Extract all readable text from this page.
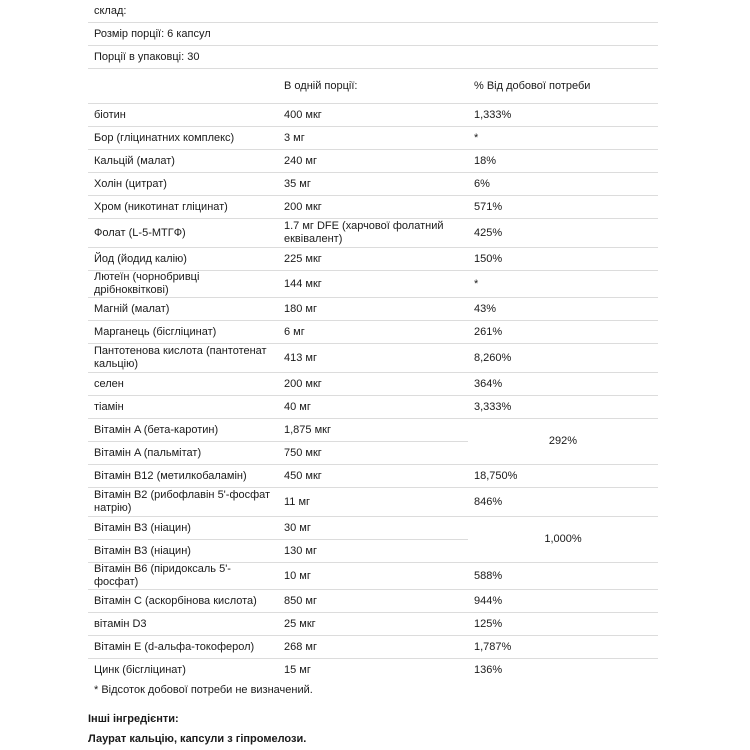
склад:		
Розмір порції: 6 капсул		
Порції в упаковці: 30		
	В одній порції:	% Від добової потреби
біотин	400 мкг	1,333%
Бор (гліцинатних комплекс)	3 мг	*
Кальцій (малат)	240 мг	18%
Холін (цитрат)	35 мг	6%
Хром (никотинат гліцинат)	200 мкг	571%
Фолат (L-5-МТГФ)	1.7 мг DFE (харчової фолатний еквівалент)	425%
Йод (йодид калію)	225 мкг	150%
Лютеїн (чорнобривці дрібноквіткові)	144 мкг	*
Магній (малат)	180 мг	43%
Марганець (бісгліцинат)	6 мг	261%
Пантотенова кислота (пантотенат кальцію)	413 мг	8,260%
селен	200 мкг	364%
тіамін	40 мг	3,333%
Вітамін A (бета-каротин)	1,875 мкг	292%
Вітамін A (пальмітат)	750 мкг	
Вітамін B12 (метилкобаламін)	450 мкг	18,750%
Вітамін B2 (рибофлавін 5'-фосфат натрію)	11 мг	846%
Вітамін B3 (ніацин)	30 мг	1,000%
Вітамін B3 (ніацин)	130 мг	
Вітамін B6 (піридоксаль 5'-фосфат)	10 мг	588%
Вітамін C (аскорбінова кислота)	850 мг	944%
вітамін D3	25 мкг	125%
Вітамін E (d-альфа-токоферол)	268 мг	1,787%
Цинк (бісгліцинат)	15 мг	136%
* Відсоток добової потреби не визначений.
Інші інгредієнти:
Лаурат кальцію, капсули з гіпромелози.
